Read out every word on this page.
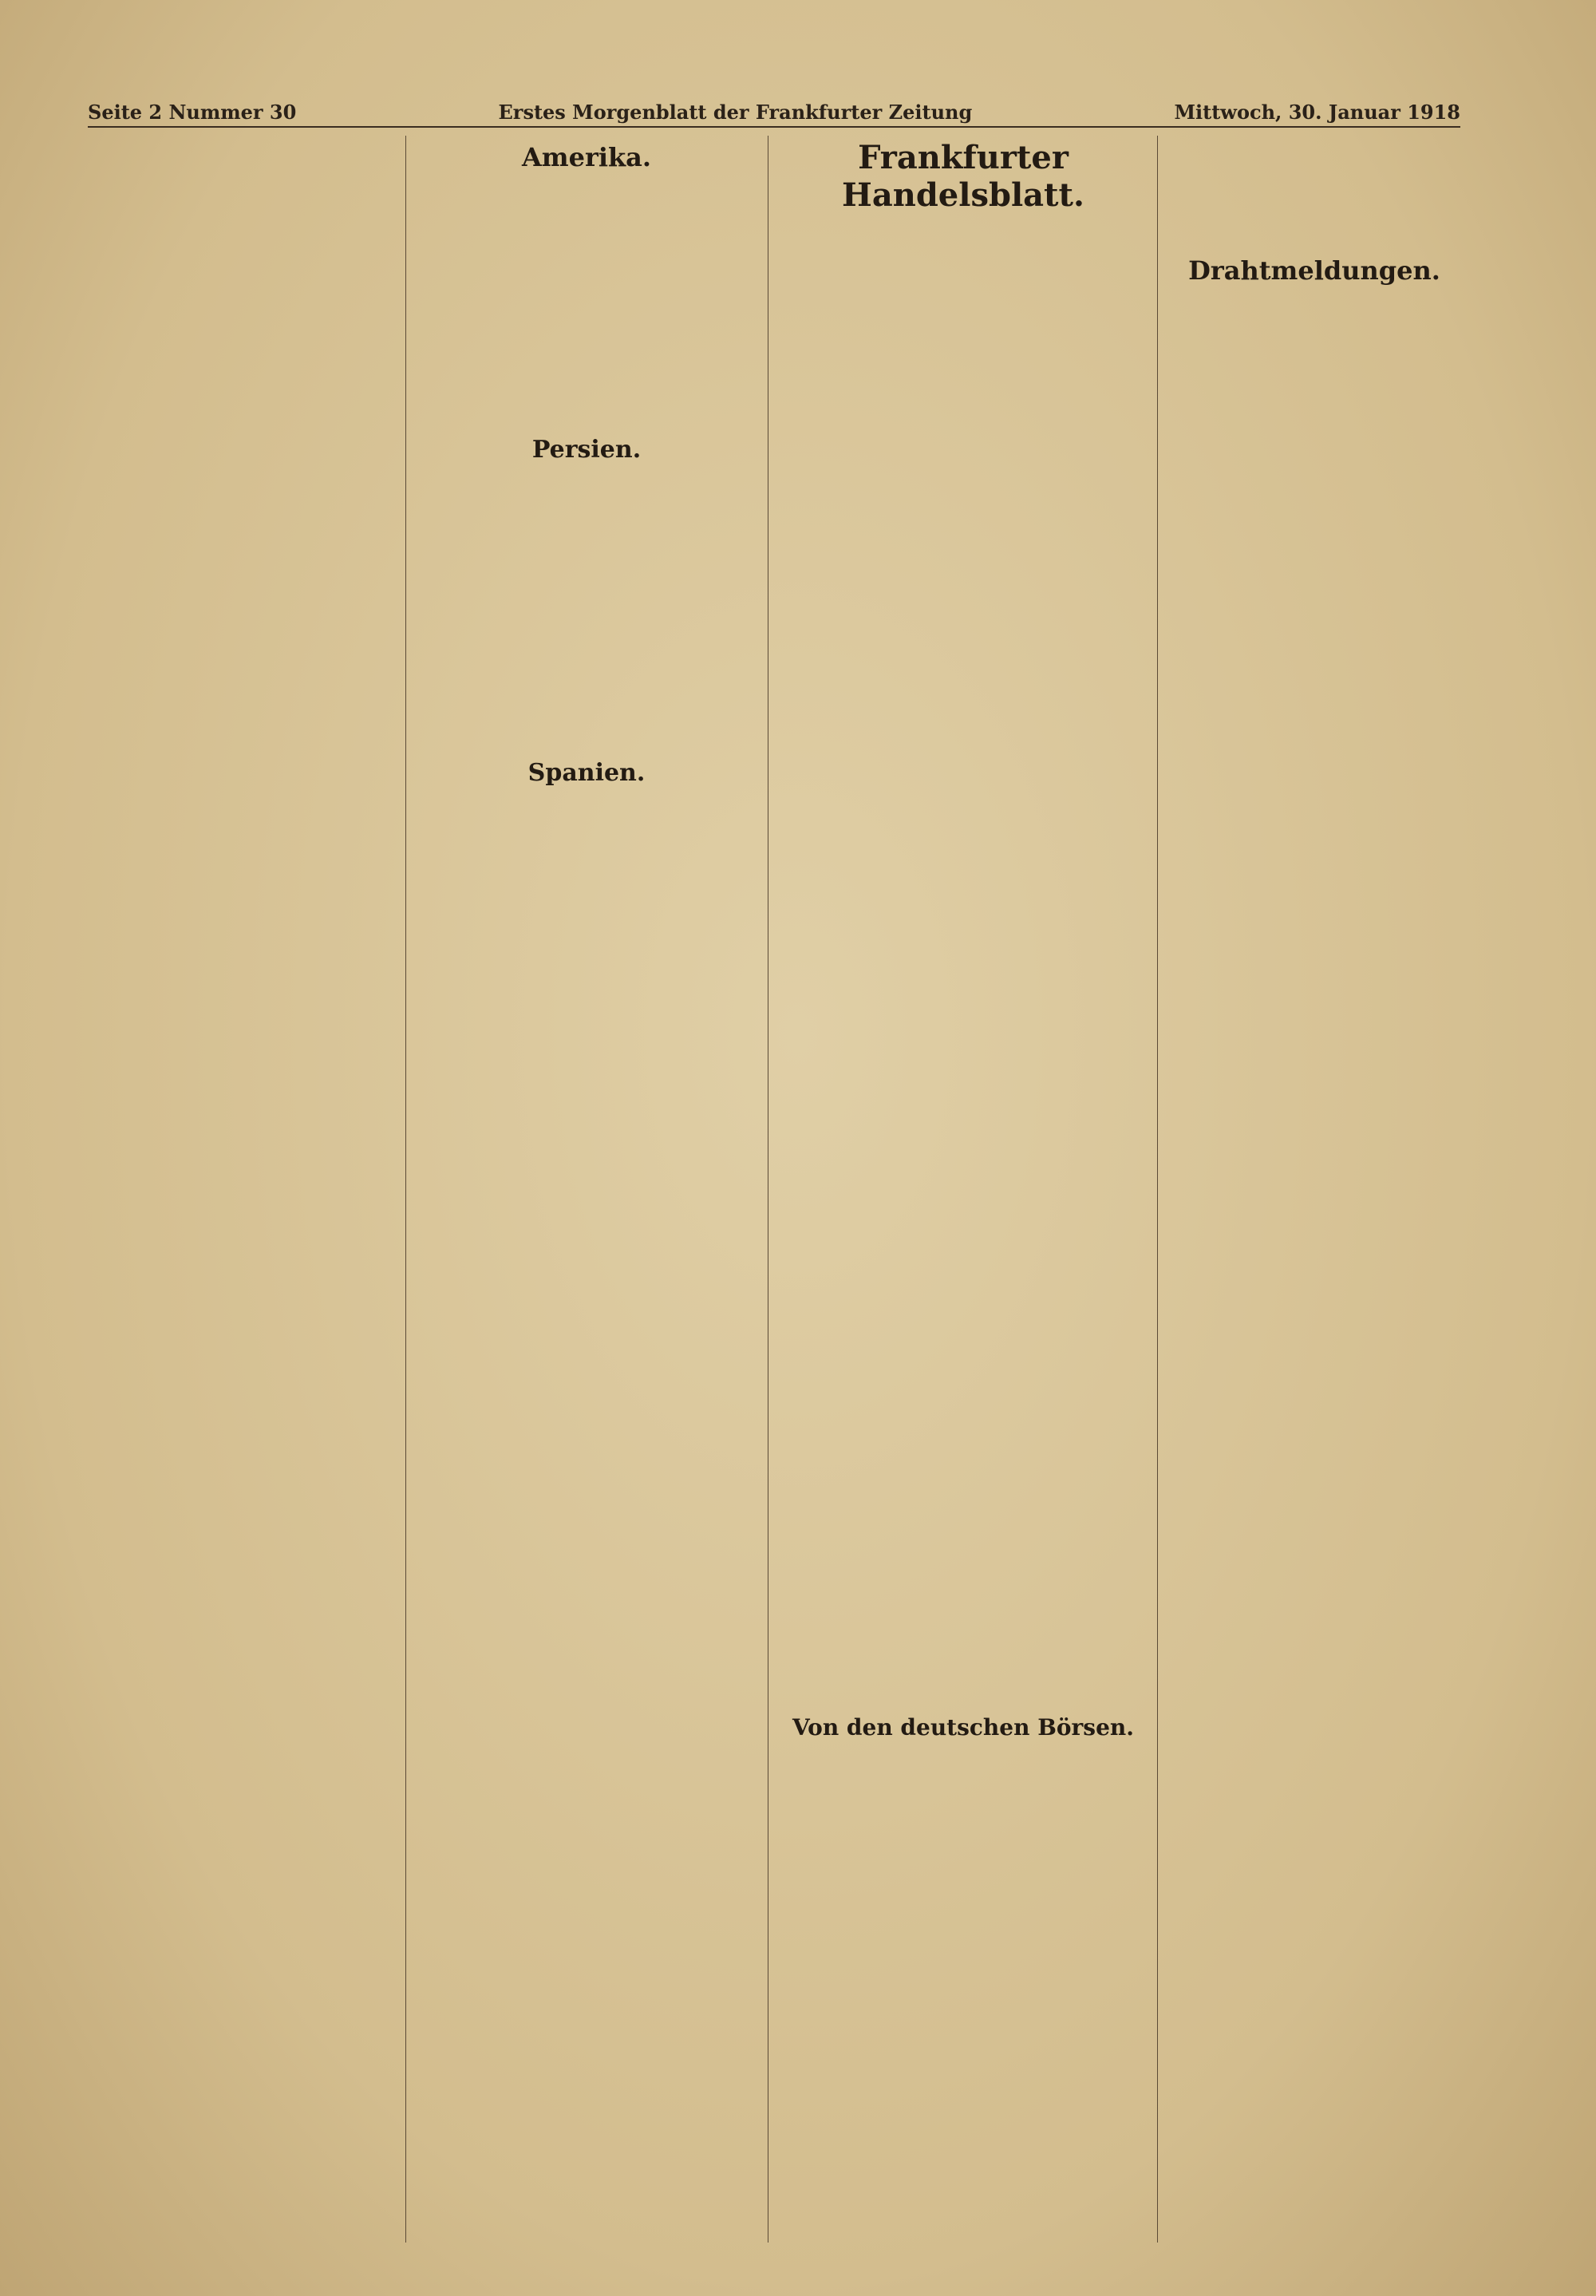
Seite 2 Nummer 30	Erstes Morgenblatt der Frankfurter Zeitung	Mittwoch, 30. Januar 1918
Amerika.
Persien.
Spanien.
Frankfurter Handelsblatt.
Von den deutschen Börsen.
Drahtmeldungen.
